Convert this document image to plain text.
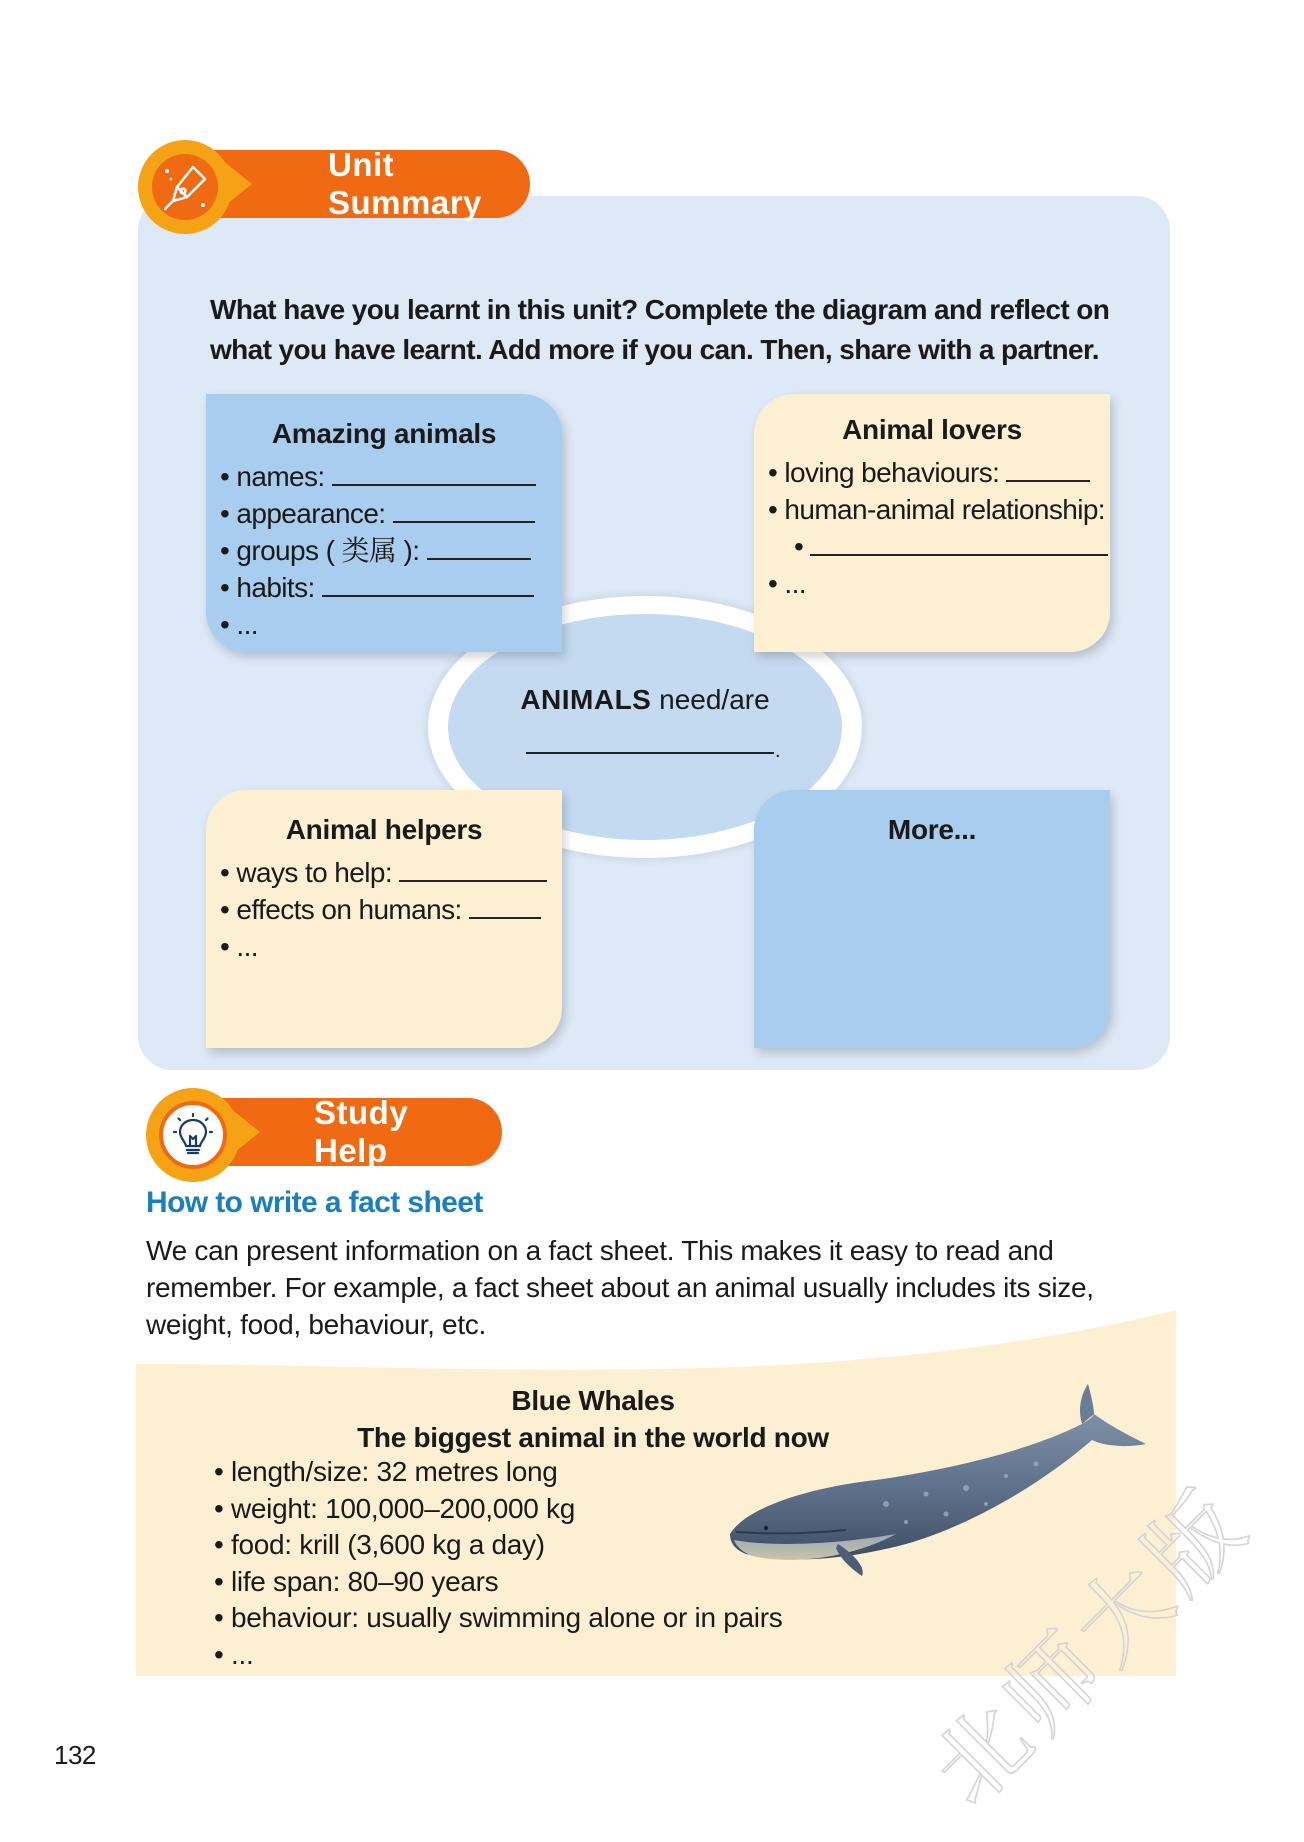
Unit Summary
What have you learnt in this unit? Complete the diagram and reflect on what you have learnt. Add more if you can. Then, share with a partner.
ANIMALS need/are
.
Amazing animals
• names:
• appearance:
• groups ( 类属 ):
• habits:
• ...
Animal lovers
• loving behaviours:
• human-animal relationship:
•
• ...
Animal helpers
• ways to help:
• effects on humans:
• ...
More...
Study Help
How to write a fact sheet
We can present information on a fact sheet. This makes it easy to read and remember. For example, a fact sheet about an animal usually includes its size, weight, food, behaviour, etc.
Blue Whales
The biggest animal in the world now
• length/size: 32 metres long
• weight: 100,000–200,000 kg
• food: krill (3,600 kg a day)
• life span: 80–90 years
• behaviour: usually swimming alone or in pairs
• ...	北师大版
132
